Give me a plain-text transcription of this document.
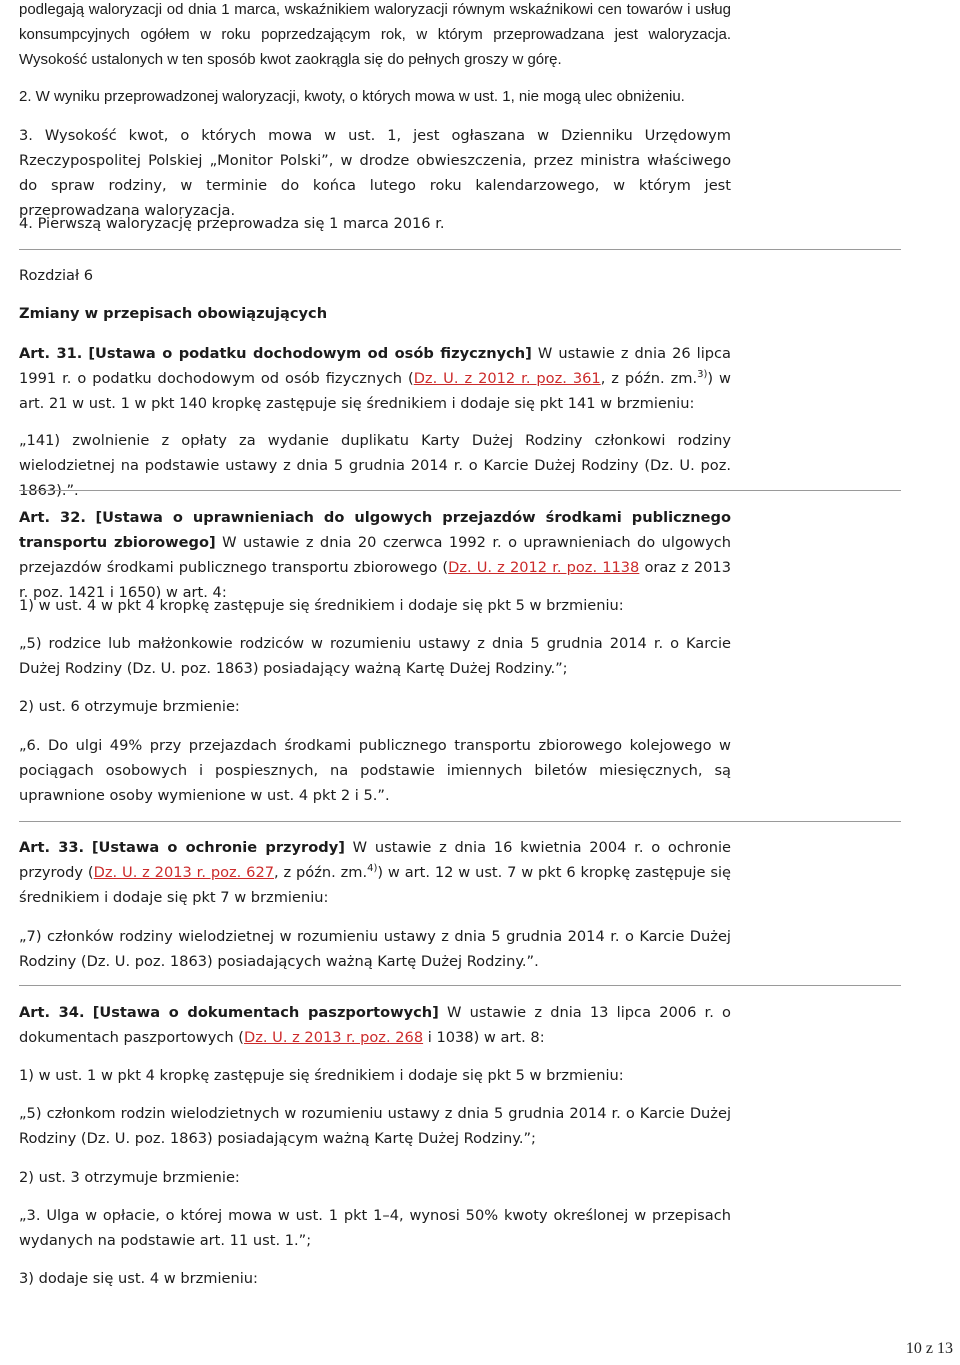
podlegają waloryzacji od dnia 1 marca, wskaźnikiem waloryzacji równym wskaźnikowi cen towarów i usług konsumpcyjnych ogółem w roku poprzedzającym rok, w którym przeprowadzana jest waloryzacja. Wysokość ustalonych w ten sposób kwot zaokrągla się do pełnych groszy w górę.

2. W wyniku przeprowadzonej waloryzacji, kwoty, o których mowa w ust. 1, nie mogą ulec obniżeniu.

3. Wysokość kwot, o których mowa w ust. 1, jest ogłaszana w Dzienniku Urzędowym Rzeczypospolitej Polskiej „Monitor Polski”, w drodze obwieszczenia, przez ministra właściwego do spraw rodziny, w terminie do końca lutego roku kalendarzowego, w którym jest przeprowadzana waloryzacja.

4. Pierwszą waloryzację przeprowadza się 1 marca 2016 r.

Rozdział 6

Zmiany w przepisach obowiązujących

Art. 31. [Ustawa o podatku dochodowym od osób fizycznych] W ustawie z dnia 26 lipca 1991 r. o podatku dochodowym od osób fizycznych (Dz. U. z 2012 r. poz. 361, z późn. zm.$^{3)}$) w art. 21 w ust. 1 w pkt 140 kropkę zastępuje się średnikiem i dodaje się pkt 141 w brzmieniu:

„141) zwolnienie z opłaty za wydanie duplikatu Karty Dużej Rodziny członkowi rodziny wielodzietnej na podstawie ustawy z dnia 5 grudnia 2014 r. o Karcie Dużej Rodziny (Dz. U. poz. 1863).”.

Art. 32. [Ustawa o uprawnieniach do ulgowych przejazdów środkami publicznego transportu zbiorowego] W ustawie z dnia 20 czerwca 1992 r. o uprawnieniach do ulgowych przejazdów środkami publicznego transportu zbiorowego (Dz. U. z 2012 r. poz. 1138 oraz z 2013 r. poz. 1421 i 1650) w art. 4:

1) w ust. 4 w pkt 4 kropkę zastępuje się średnikiem i dodaje się pkt 5 w brzmieniu:

„5) rodzice lub małżonkowie rodziców w rozumieniu ustawy z dnia 5 grudnia 2014 r. o Karcie Dużej Rodziny (Dz. U. poz. 1863) posiadający ważną Kartę Dużej Rodziny.”;

2) ust. 6 otrzymuje brzmienie:

„6. Do ulgi 49% przy przejazdach środkami publicznego transportu zbiorowego kolejowego w pociągach osobowych i pospiesznych, na podstawie imiennych biletów miesięcznych, są uprawnione osoby wymienione w ust. 4 pkt 2 i 5.”.

Art. 33. [Ustawa o ochronie przyrody] W ustawie z dnia 16 kwietnia 2004 r. o ochronie przyrody (Dz. U. z 2013 r. poz. 627, z późn. zm.$^{4)}$) w art. 12 w ust. 7 w pkt 6 kropkę zastępuje się średnikiem i dodaje się pkt 7 w brzmieniu:

„7) członków rodziny wielodzietnej w rozumieniu ustawy z dnia 5 grudnia 2014 r. o Karcie Dużej Rodziny (Dz. U. poz. 1863) posiadających ważną Kartę Dużej Rodziny.”.

Art. 34. [Ustawa o dokumentach paszportowych] W ustawie z dnia 13 lipca 2006 r. o dokumentach paszportowych (Dz. U. z 2013 r. poz. 268 i 1038) w art. 8:

1) w ust. 1 w pkt 4 kropkę zastępuje się średnikiem i dodaje się pkt 5 w brzmieniu:

„5) członkom rodzin wielodzietnych w rozumieniu ustawy z dnia 5 grudnia 2014 r. o Karcie Dużej Rodziny (Dz. U. poz. 1863) posiadającym ważną Kartę Dużej Rodziny.”;

2) ust. 3 otrzymuje brzmienie:

„3. Ulga w opłacie, o której mowa w ust. 1 pkt 1–4, wynosi 50% kwoty określonej w przepisach wydanych na podstawie art. 11 ust. 1.”;

3) dodaje się ust. 4 w brzmieniu:

10 z 13
